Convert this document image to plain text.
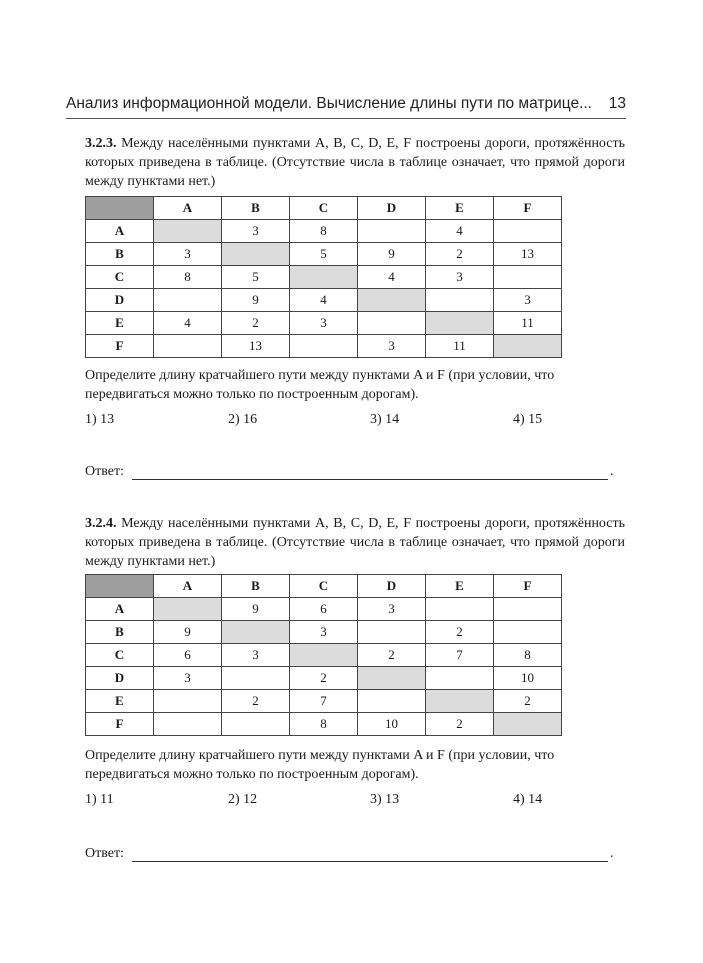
Анализ информационной модели. Вычисление длины пути по матрице... 13

3.2.3. Между населёнными пунктами A, B, C, D, E, F построены дороги, протяжённость которых приведена в таблице. (Отсутствие числа в таблице означает, что прямой дороги между пунктами нет.)

	A	B	C	D	E	F
A		3	8		4	
B	3		5	9	2	13
C	8	5		4	3	
D		9	4			3
E	4	2	3			11
F		13		3	11	

Определите длину кратчайшего пути между пунктами A и F (при условии, что передвигаться можно только по построенным дорогам).

1) 13	2) 16	3) 14	4) 15
Ответ:	.

3.2.4. Между населёнными пунктами A, B, C, D, E, F построены дороги, протяжённость которых приведена в таблице. (Отсутствие числа в таблице означает, что прямой дороги между пунктами нет.)

	A	B	C	D	E	F
A		9	6	3		
B	9		3		2	
C	6	3		2	7	8
D	3		2			10
E		2	7			2
F			8	10	2	

Определите длину кратчайшего пути между пунктами A и F (при условии, что передвигаться можно только по построенным дорогам).

1) 11	2) 12	3) 13	4) 14
Ответ:	.
